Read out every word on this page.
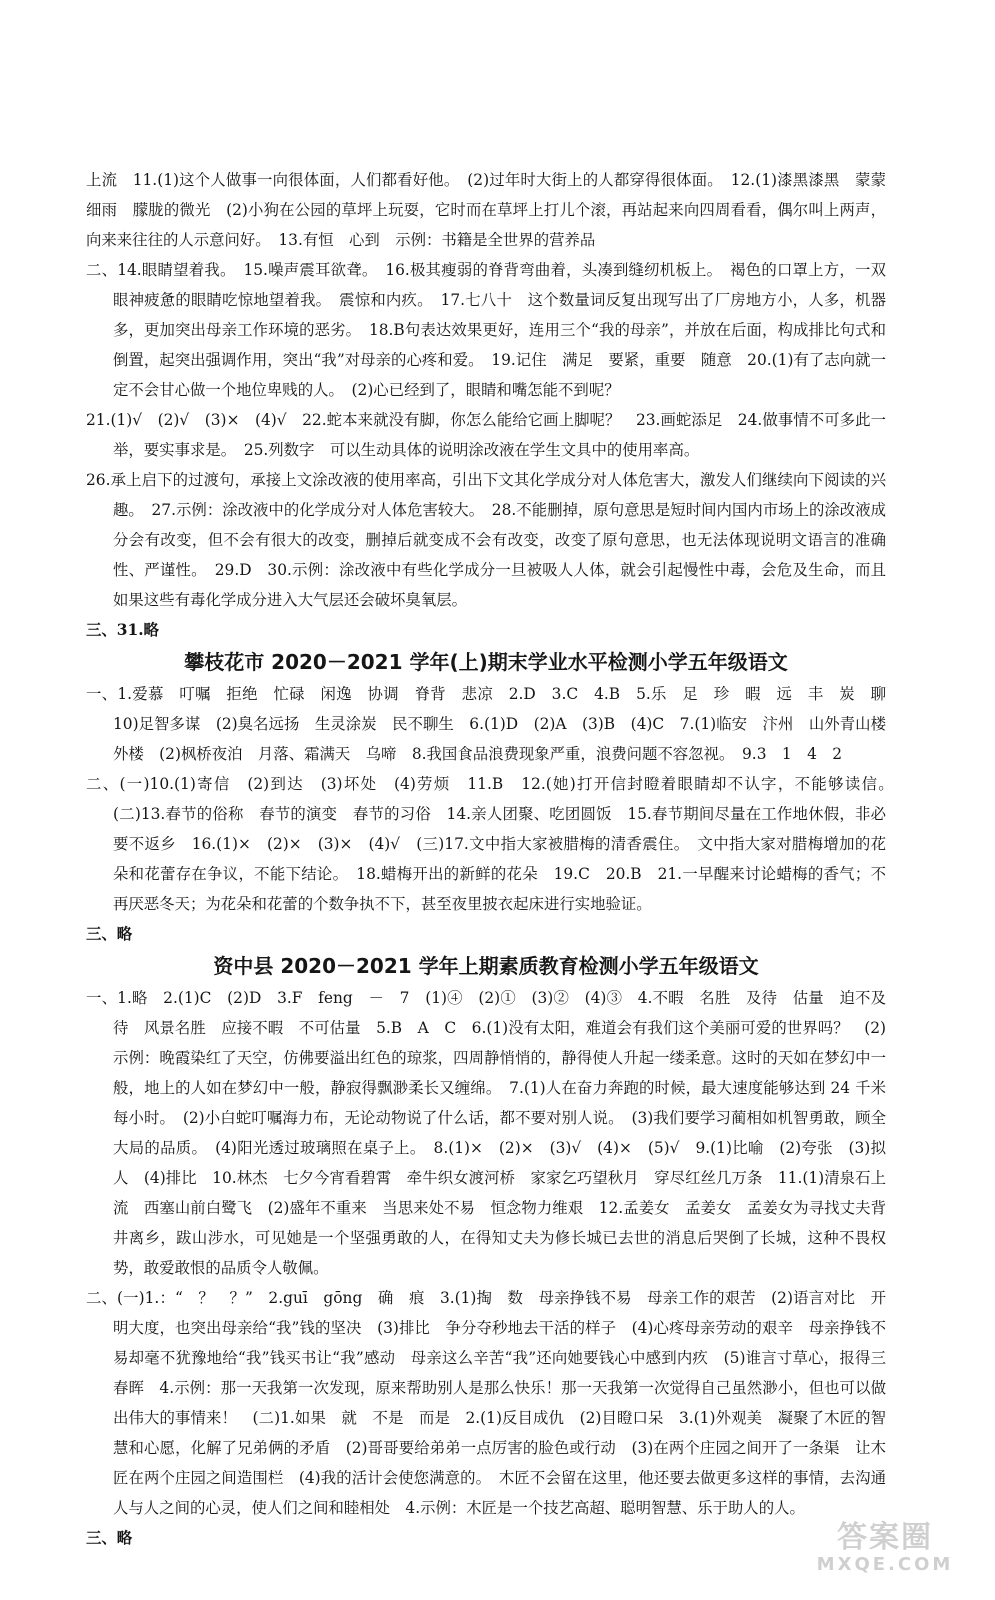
上流　11.(1)这个人做事一向很体面，人们都看好他。　(2)过年时大街上的人都穿得很体面。　12.(1)漆黑漆黑　蒙蒙细雨　朦胧的微光　(2)小狗在公园的草坪上玩耍，它时而在草坪上打儿个滚，再站起来向四周看看，偶尔叫上两声，向来来往往的人示意问好。　13.有恒　心到　示例：书籍是全世界的营养品

二、14.眼睛望着我。　15.噪声震耳欲聋。　16.极其瘦弱的脊背弯曲着，头凑到缝纫机板上。　褐色的口罩上方，一双眼神疲惫的眼睛吃惊地望着我。　震惊和内疚。　17.七八十　这个数量词反复出现写出了厂房地方小，人多，机器多，更加突出母亲工作环境的恶劣。　18.B句表达效果更好，连用三个“我的母亲”，并放在后面，构成排比句式和倒置，起突出强调作用，突出“我”对母亲的心疼和爱。　19.记住　满足　要紧，重要　随意　20.(1)有了志向就一定不会甘心做一个地位卑贱的人。　(2)心已经到了，眼睛和嘴怎能不到呢？

21.(1)√　(2)√　(3)×　(4)√　22.蛇本来就没有脚，你怎么能给它画上脚呢？　23.画蛇添足　24.做事情不可多此一举，要实事求是。　25.列数字　可以生动具体的说明涂改液在学生文具中的使用率高。

26.承上启下的过渡句，承接上文涂改液的使用率高，引出下文其化学成分对人体危害大，激发人们继续向下阅读的兴趣。　27.示例：涂改液中的化学成分对人体危害较大。　28.不能删掉，原句意思是短时间内国内市场上的涂改液成分会有改变，但不会有很大的改变，删掉后就变成不会有改变，改变了原句意思，也无法体现说明文语言的准确性、严谨性。　29.D　30.示例：涂改液中有些化学成分一旦被吸人人体，就会引起慢性中毒，会危及生命，而且如果这些有毒化学成分进入大气层还会破坏臭氧层。

三、31.略

攀枝花市 2020－2021 学年(上)期末学业水平检测小学五年级语文

一、1.爱慕　叮嘱　拒绝　忙碌　闲逸　协调　脊背　悲凉　2.D　3.C　4.B　5.乐　足　珍　暇　远　丰　炭　聊　10)足智多谋　(2)臭名远扬　生灵涂炭　民不聊生　6.(1)D　(2)A　(3)B　(4)C　7.(1)临安　汴州　山外青山楼外楼　(2)枫桥夜泊　月落、霜满天　乌啼　8.我国食品浪费现象严重，浪费问题不容忽视。　9.3　1　4　2

二、(一)10.(1)寄信　(2)到达　(3)坏处　(4)劳烦　11.B　12.(她)打开信封瞪着眼睛却不认字，不能够读信。　(二)13.春节的俗称　春节的演变　春节的习俗　14.亲人团聚、吃团圆饭　15.春节期间尽量在工作地休假，非必要不返乡　16.(1)×　(2)×　(3)×　(4)√　(三)17.文中指大家被腊梅的清香震住。　文中指大家对腊梅增加的花朵和花蕾存在争议，不能下结论。　18.蜡梅开出的新鲜的花朵　19.C　20.B　21.一早醒来讨论蜡梅的香气；不再厌恶冬天；为花朵和花蕾的个数争执不下，甚至夜里披衣起床进行实地验证。

三、略

资中县 2020－2021 学年上期素质教育检测小学五年级语文

一、1.略　2.(1)C　(2)D　3.F　feng　－　7　(1)④　(2)①　(3)②　(4)③　4.不暇　名胜　及待　估量　迫不及待　风景名胜　应接不暇　不可估量　5.B　A　C　6.(1)没有太阳，难道会有我们这个美丽可爱的世界吗？　(2)示例：晚霞染红了天空，仿佛要溢出红色的琼浆，四周静悄悄的，静得使人升起一缕柔意。这时的天如在梦幻中一般，地上的人如在梦幻中一般，静寂得飘渺柔长又缠绵。　7.(1)人在奋力奔跑的时候，最大速度能够达到 24 千米每小时。　(2)小白蛇叮嘱海力布，无论动物说了什么话，都不要对别人说。　(3)我们要学习蔺相如机智勇敢，顾全大局的品质。　(4)阳光透过玻璃照在桌子上。　8.(1)×　(2)×　(3)√　(4)×　(5)√　9.(1)比喻　(2)夸张　(3)拟人　(4)排比　10.林杰　七夕今宵看碧霄　牵牛织女渡河桥　家家乞巧望秋月　穿尽红丝几万条　11.(1)清泉石上流　西塞山前白鹭飞　(2)盛年不重来　当思来处不易　恒念物力维艰　12.孟姜女　孟姜女　孟姜女为寻找丈夫背井离乡，跋山涉水，可见她是一个坚强勇敢的人，在得知丈夫为修长城已去世的消息后哭倒了长城，这种不畏权势，敢爱敢恨的品质令人敬佩。

二、(一)1.：“　？　？”　2.guī　gōng　确　痕　3.(1)掏　数　母亲挣钱不易　母亲工作的艰苦　(2)语言对比　开明大度，也突出母亲给“我”钱的坚决　(3)排比　争分夺秒地去干活的样子　(4)心疼母亲劳动的艰辛　母亲挣钱不易却毫不犹豫地给“我”钱买书让“我”感动　母亲这么辛苦“我”还向她要钱心中感到内疚　(5)谁言寸草心，报得三春晖　4.示例：那一天我第一次发现，原来帮助别人是那么快乐！那一天我第一次觉得自己虽然渺小，但也可以做出伟大的事情来！　(二)1.如果　就　不是　而是　2.(1)反目成仇　(2)目瞪口呆　3.(1)外观美　凝聚了木匠的智慧和心愿，化解了兄弟俩的矛盾　(2)哥哥要给弟弟一点厉害的脸色或行动　(3)在两个庄园之间开了一条渠　让木匠在两个庄园之间造围栏　(4)我的活计会使您满意的。　木匠不会留在这里，他还要去做更多这样的事情，去沟通人与人之间的心灵，使人们之间和睦相处　4.示例：木匠是一个技艺高超、聪明智慧、乐于助人的人。

三、略	答案圈
MXQE.COM
